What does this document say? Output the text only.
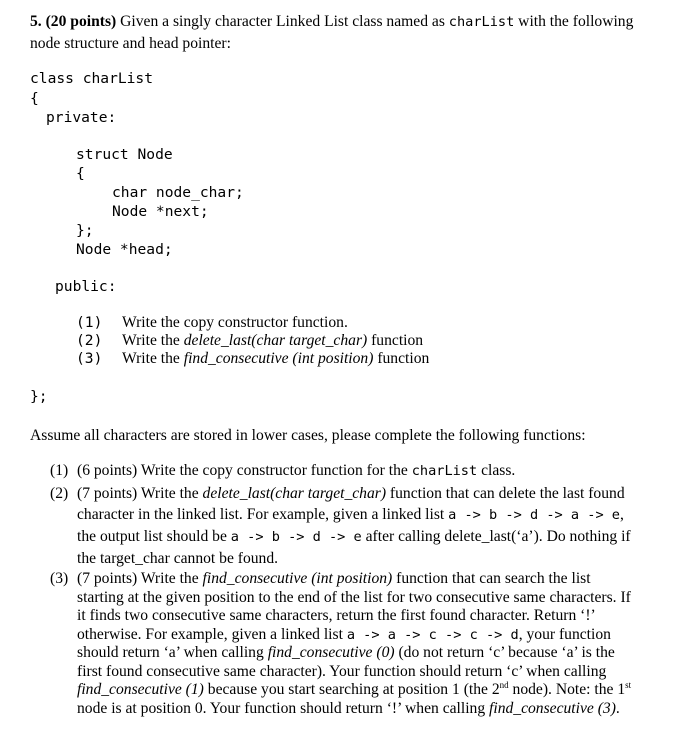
5. (20 points) Given a singly character Linked List class named as charList with the following
node structure and head pointer:
class charList
{
private:
struct Node
{
char node_char;
Node *next;
};
Node *head;
public:
(1) Write the copy constructor function.
(2) Write the delete_last(char target_char) function
(3) Write the find_consecutive (int position) function
};
Assume all characters are stored in lower cases, please complete the following functions:
(1) (6 points) Write the copy constructor function for the charList class.
(2) (7 points) Write the delete_last(char target_char) function that can delete the last found
character in the linked list. For example, given a linked list a -> b -> d -> a -> e,
the output list should be a -> b -> d -> e after calling delete_last(‘a’). Do nothing if
the target_char cannot be found.
(3) (7 points) Write the find_consecutive (int position) function that can search the list
starting at the given position to the end of the list for two consecutive same characters. If
it finds two consecutive same characters, return the first found character. Return ‘!’
otherwise. For example, given a linked list a -> a -> c -> c -> d, your function
should return ‘a’ when calling find_consecutive (0) (do not return ‘c’ because ‘a’ is the
first found consecutive same character). Your function should return ‘c’ when calling
find_consecutive (1) because you start searching at position 1 (the 2nd node). Note: the 1st
node is at position 0. Your function should return ‘!’ when calling find_consecutive (3).
